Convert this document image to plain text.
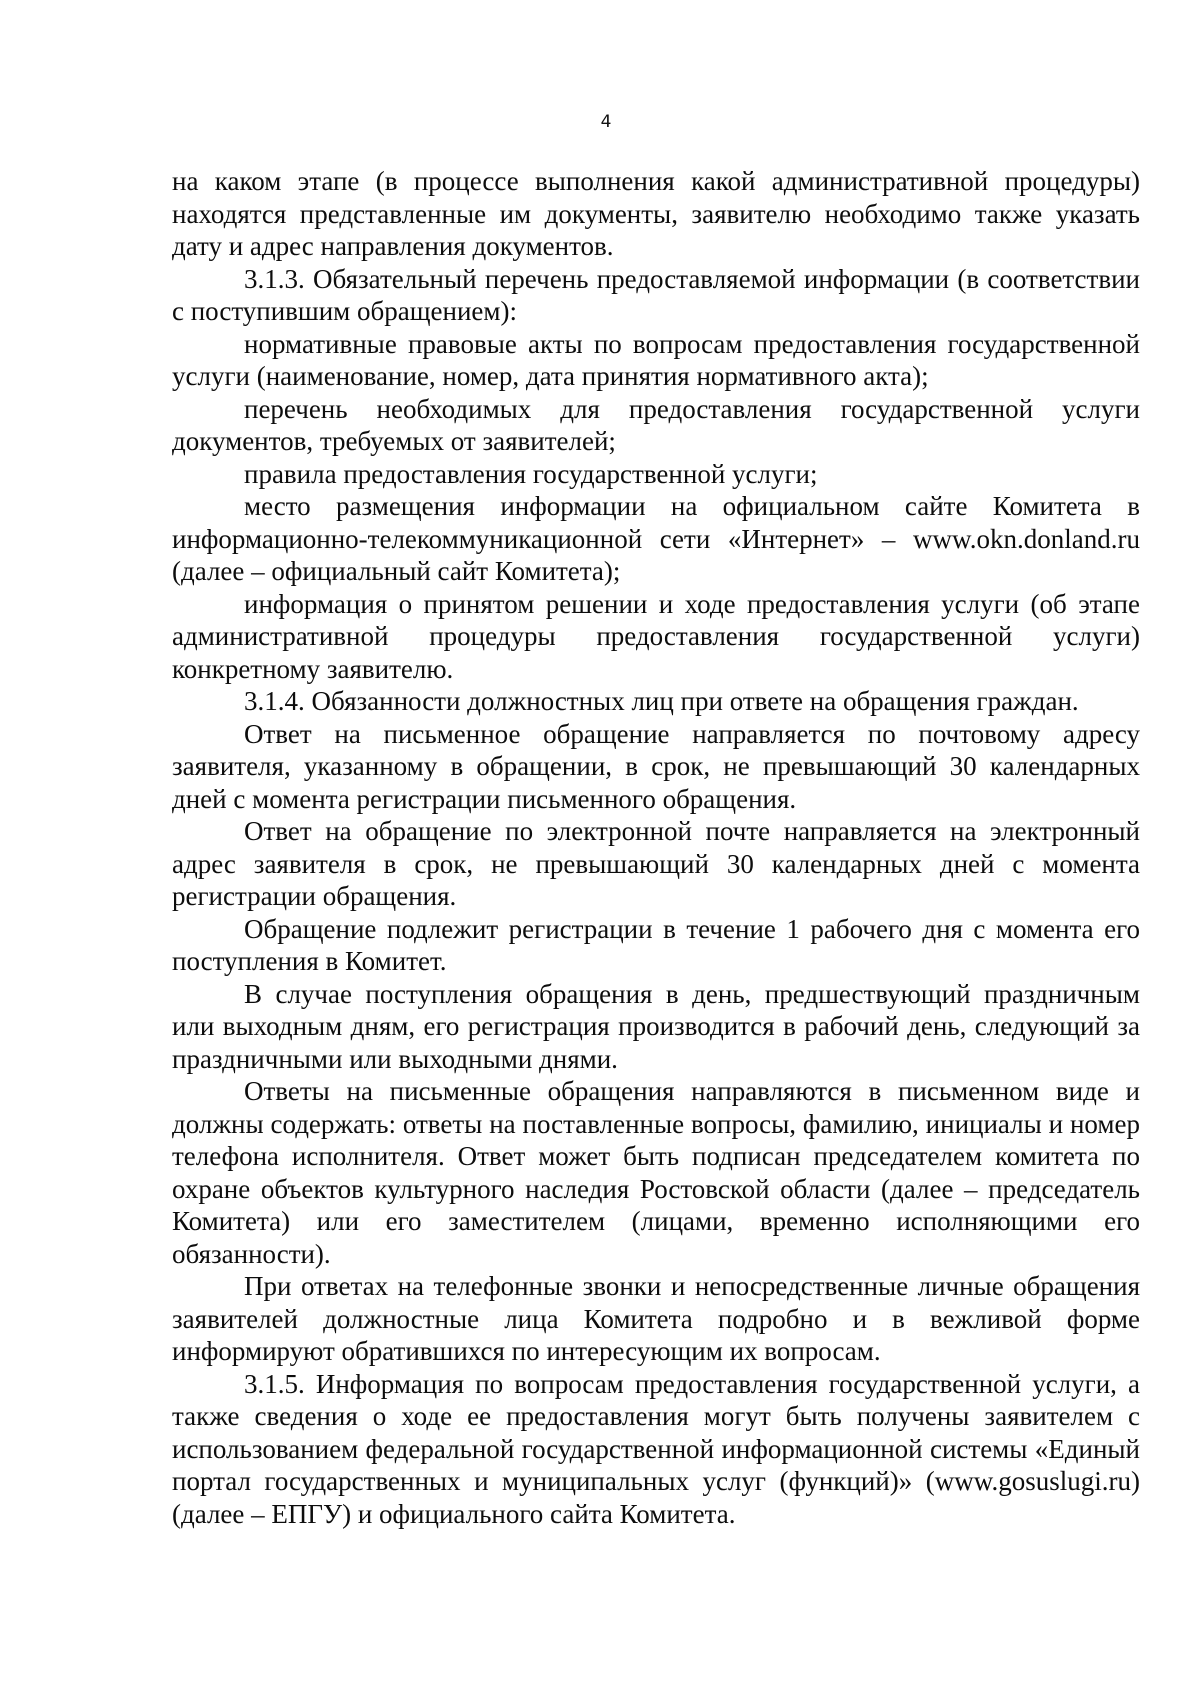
4

на каком этапе (в процессе выполнения какой административной процедуры) находятся представленные им документы, заявителю необходимо также указать дату и адрес направления документов.

3.1.3. Обязательный перечень предоставляемой информации (в соответствии с поступившим обращением):

нормативные правовые акты по вопросам предоставления государственной услуги (наименование, номер, дата принятия нормативного акта);

перечень необходимых для предоставления государственной услуги документов, требуемых от заявителей;

правила предоставления государственной услуги;

место размещения информации на официальном сайте Комитета в информационно-телекоммуникационной сети «Интернет» – www.okn.donland.ru (далее – официальный сайт Комитета);

информация о принятом решении и ходе предоставления услуги (об этапе административной процедуры предоставления государственной услуги) конкретному заявителю.

3.1.4. Обязанности должностных лиц при ответе на обращения граждан.

Ответ на письменное обращение направляется по почтовому адресу заявителя, указанному в обращении, в срок, не превышающий 30 календарных дней с момента регистрации письменного обращения.

Ответ на обращение по электронной почте направляется на электронный адрес заявителя в срок, не превышающий 30 календарных дней с момента регистрации обращения.

Обращение подлежит регистрации в течение 1 рабочего дня с момента его поступления в Комитет.

В случае поступления обращения в день, предшествующий праздничным или выходным дням, его регистрация производится в рабочий день, следующий за праздничными или выходными днями.

Ответы на письменные обращения направляются в письменном виде и должны содержать: ответы на поставленные вопросы, фамилию, инициалы и номер телефона исполнителя. Ответ может быть подписан председателем комитета по охране объектов культурного наследия Ростовской области (далее – председатель Комитета) или его заместителем (лицами, временно исполняющими его обязанности).

При ответах на телефонные звонки и непосредственные личные обращения заявителей должностные лица Комитета подробно и в вежливой форме информируют обратившихся по интересующим их вопросам.

3.1.5. Информация по вопросам предоставления государственной услуги, а также сведения о ходе ее предоставления могут быть получены заявителем с использованием федеральной государственной информационной системы «Единый портал государственных и муниципальных услуг (функций)» (www.gosuslugi.ru) (далее – ЕПГУ) и официального сайта Комитета.
